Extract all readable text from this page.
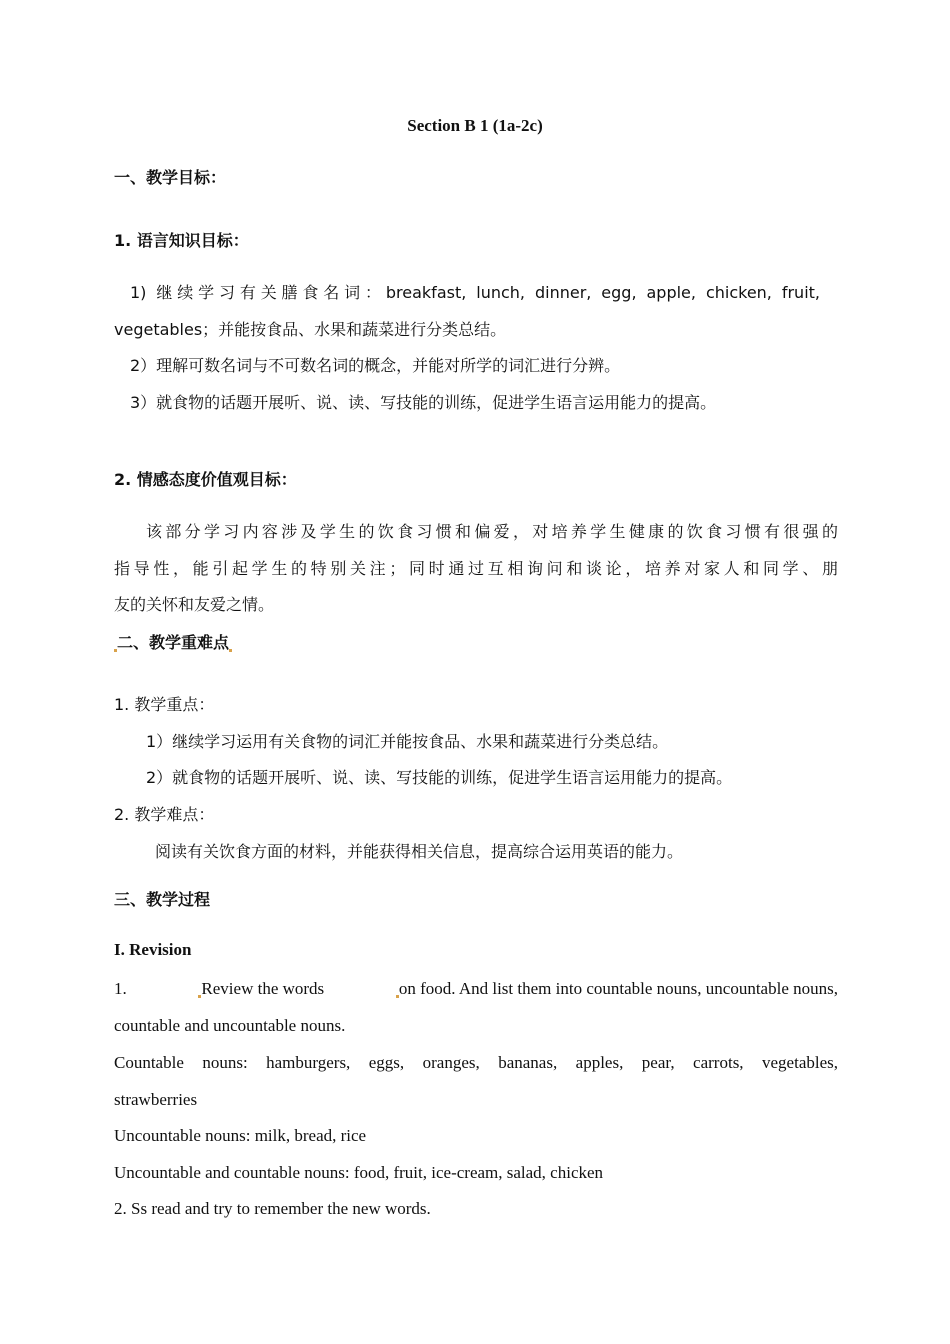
Section B 1 (1a-2c)
一、教学目标：
1. 语言知识目标：
1) 继续学习有关膳食名词：breakfast, lunch, dinner, egg, apple, chicken, fruit,
vegetables；并能按食品、水果和蔬菜进行分类总结。
2）理解可数名词与不可数名词的概念，并能对所学的词汇进行分辨。
3）就食物的话题开展听、说、读、写技能的训练，促进学生语言运用能力的提高。
2. 情感态度价值观目标：
该部分学习内容涉及学生的饮食习惯和偏爱，对培养学生健康的饮食习惯有很强的
指导性，能引起学生的特别关注；同时通过互相询问和谈论，培养对家人和同学、朋
友的关怀和友爱之情。
二、教学重难点
1. 教学重点：
1）继续学习运用有关食物的词汇并能按食品、水果和蔬菜进行分类总结。
2）就食物的话题开展听、说、读、写技能的训练，促进学生语言运用能力的提高。
2. 教学难点：
阅读有关饮食方面的材料，并能获得相关信息，提高综合运用英语的能力。
三、教学过程
I. Revision
1.	Review the words	on food. And list them into countable nouns, uncountable nouns,
countable and uncountable nouns.
Countable nouns: hamburgers, eggs, oranges, bananas, apples, pear, carrots, vegetables,
strawberries
Uncountable nouns: milk, bread, rice
Uncountable and countable nouns: food, fruit, ice-cream, salad, chicken
2. Ss read and try to remember the new words.
